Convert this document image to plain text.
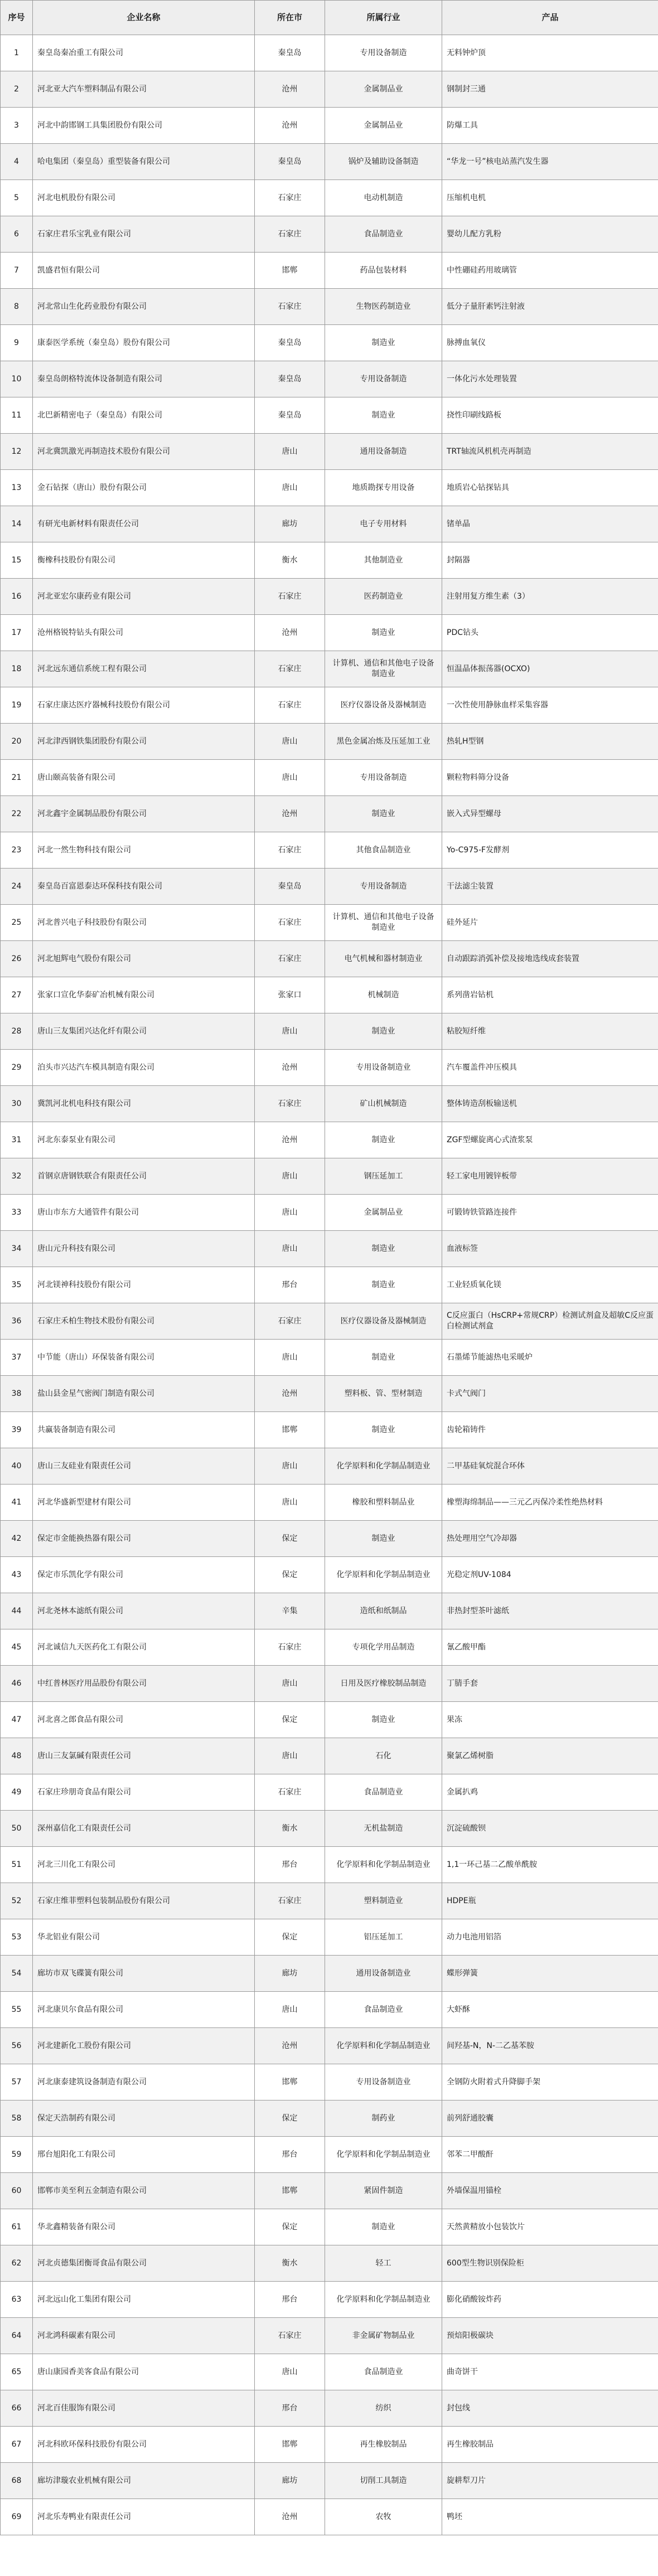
序号	企业名称	所在市	所属行业	产品
1	秦皇岛秦冶重工有限公司	秦皇岛	专用设备制造	无料钟炉顶
2	河北亚大汽车塑料制品有限公司	沧州	金属制品业	钢制封三通
3	河北中韵邯钢工具集团股份有限公司	沧州	金属制品业	防爆工具
4	哈电集团（秦皇岛）重型装备有限公司	秦皇岛	锅炉及辅助设备制造	“华龙一号”核电站蒸汽发生器
5	河北电机股份有限公司	石家庄	电动机制造	压缩机电机
6	石家庄君乐宝乳业有限公司	石家庄	食品制造业	婴幼儿配方乳粉
7	凯盛君恒有限公司	邯郸	药品包装材料	中性硼硅药用玻璃管
8	河北常山生化药业股份有限公司	石家庄	生物医药制造业	低分子量肝素钙注射液
9	康泰医学系统（秦皇岛）股份有限公司	秦皇岛	制造业	脉搏血氧仪
10	秦皇岛朗格特流体设备制造有限公司	秦皇岛	专用设备制造	一体化污水处理装置
11	北巴新精密电子（秦皇岛）有限公司	秦皇岛	制造业	挠性印刷线路板
12	河北冀凯激光再制造技术股份有限公司	唐山	通用设备制造	TRT轴流风机机壳再制造
13	金石钻探（唐山）股份有限公司	唐山	地质勘探专用设备	地质岩心钻探钻具
14	有研光电新材料有限责任公司	廊坊	电子专用材料	锗单晶
15	衡橡科技股份有限公司	衡水	其他制造业	封隔器
16	河北亚宏尔康药业有限公司	石家庄	医药制造业	注射用复方维生素（3）
17	沧州格锐特钻头有限公司	沧州	制造业	PDC钻头
18	河北远东通信系统工程有限公司	石家庄	计算机、通信和其他电子设备制造业	恒温晶体振荡器(OCXO)
19	石家庄康达医疗器械科技股份有限公司	石家庄	医疗仪器设备及器械制造	一次性使用静脉血样采集容器
20	河北津西钢铁集团股份有限公司	唐山	黑色金属冶炼及压延加工业	热轧H型钢
21	唐山颐高装备有限公司	唐山	专用设备制造	颗粒物料筛分设备
22	河北鑫宇金属制品股份有限公司	沧州	制造业	嵌入式异型螺母
23	河北一然生物科技有限公司	石家庄	其他食品制造业	Yo-C975-F发酵剂
24	秦皇岛百富恩泰达环保科技有限公司	秦皇岛	专用设备制造	干法滤尘装置
25	河北普兴电子科技股份有限公司	石家庄	计算机、通信和其他电子设备制造业	硅外延片
26	河北旭辉电气股份有限公司	石家庄	电气机械和器材制造业	自动跟踪消弧补偿及接地选线成套装置
27	张家口宣化华泰矿冶机械有限公司	张家口	机械制造	系列凿岩钻机
28	唐山三友集团兴达化纤有限公司	唐山	制造业	粘胶短纤维
29	泊头市兴达汽车模具制造有限公司	沧州	专用设备制造业	汽车覆盖件冲压模具
30	冀凯河北机电科技有限公司	石家庄	矿山机械制造	整体铸造刮板输送机
31	河北东泰泵业有限公司	沧州	制造业	ZGF型螺旋离心式渣浆泵
32	首钢京唐钢铁联合有限责任公司	唐山	钢压延加工	轻工家电用镀锌板带
33	唐山市东方大通管件有限公司	唐山	金属制品业	可锻铸铁管路连接件
34	唐山元升科技有限公司	唐山	制造业	血液标签
35	河北镁神科技股份有限公司	邢台	制造业	工业轻质氧化镁
36	石家庄禾柏生物技术股份有限公司	石家庄	医疗仪器设备及器械制造	C反应蛋白（HsCRP+常规CRP）检测试剂盒及超敏C反应蛋白检测试剂盒
37	中节能（唐山）环保装备有限公司	唐山	制造业	石墨烯节能滤热电采暖炉
38	盐山县金星气密阀门制造有限公司	沧州	塑料板、管、型材制造	卡式气阀门
39	共赢装备制造有限公司	邯郸	制造业	齿轮箱铸件
40	唐山三友硅业有限责任公司	唐山	化学原料和化学制品制造业	二甲基硅氧烷混合环体
41	河北华盛新型建材有限公司	唐山	橡胶和塑料制品业	橡塑海绵制品——三元乙丙保冷柔性绝热材料
42	保定市金能换热器有限公司	保定	制造业	热处理用空气冷却器
43	保定市乐凯化学有限公司	保定	化学原料和化学制品制造业	光稳定剂UV-1084
44	河北尧林本滤纸有限公司	辛集	造纸和纸制品	非热封型茶叶滤纸
45	河北诚信九天医药化工有限公司	石家庄	专项化学用品制造	氰乙酸甲酯
46	中红普林医疗用品股份有限公司	唐山	日用及医疗橡胶制品制造	丁腈手套
47	河北喜之郎食品有限公司	保定	制造业	果冻
48	唐山三友氯碱有限责任公司	唐山	石化	聚氯乙烯树脂
49	石家庄珍朋奇食品有限公司	石家庄	食品制造业	金属扒鸡
50	深州嘉信化工有限责任公司	衡水	无机盐制造	沉淀硫酸钡
51	河北三川化工有限公司	邢台	化学原料和化学制品制造业	1,1一环己基二乙酸单酰胺
52	石家庄维菲塑料包装制品股份有限公司	石家庄	塑料制造业	HDPE瓶
53	华北铝业有限公司	保定	铝压延加工	动力电池用铝箔
54	廊坊市双飞碟簧有限公司	廊坊	通用设备制造业	蝶形弹簧
55	河北康贝尔食品有限公司	唐山	食品制造业	大虾酥
56	河北建新化工股份有限公司	沧州	化学原料和化学制品制造业	间羟基-N，N-二乙基苯胺
57	河北康泰建筑设备制造有限公司	邯郸	专用设备制造业	全钢防火附着式升降脚手架
58	保定天浩制药有限公司	保定	制药业	前列舒通胶囊
59	邢台旭阳化工有限公司	邢台	化学原料和化学制品制造业	邻苯二甲酸酐
60	邯郸市美至利五金制造有限公司	邯郸	紧固件制造	外墙保温用锚栓
61	华北鑫精装备有限公司	保定	制造业	天然黄精放小包装饮片
62	河北贞德集团衡哥食品有限公司	衡水	轻工	600型生物识别保险柜
63	河北远山化工集团有限公司	邢台	化学原料和化学制品制造业	膨化硝酸铵炸药
64	河北鸿科碳素有限公司	石家庄	非金属矿物制品业	预焙阳极碳块
65	唐山康园香美客食品有限公司	唐山	食品制造业	曲奇饼干
66	河北百佳服饰有限公司	邢台	纺织	封包线
67	河北科欧环保科技股份有限公司	邯郸	再生橡胶制品	再生橡胶制品
68	廊坊津璇农业机械有限公司	廊坊	切削工具制造	旋耕犁刀片
69	河北乐寿鸭业有限责任公司	沧州	农牧	鸭坯
